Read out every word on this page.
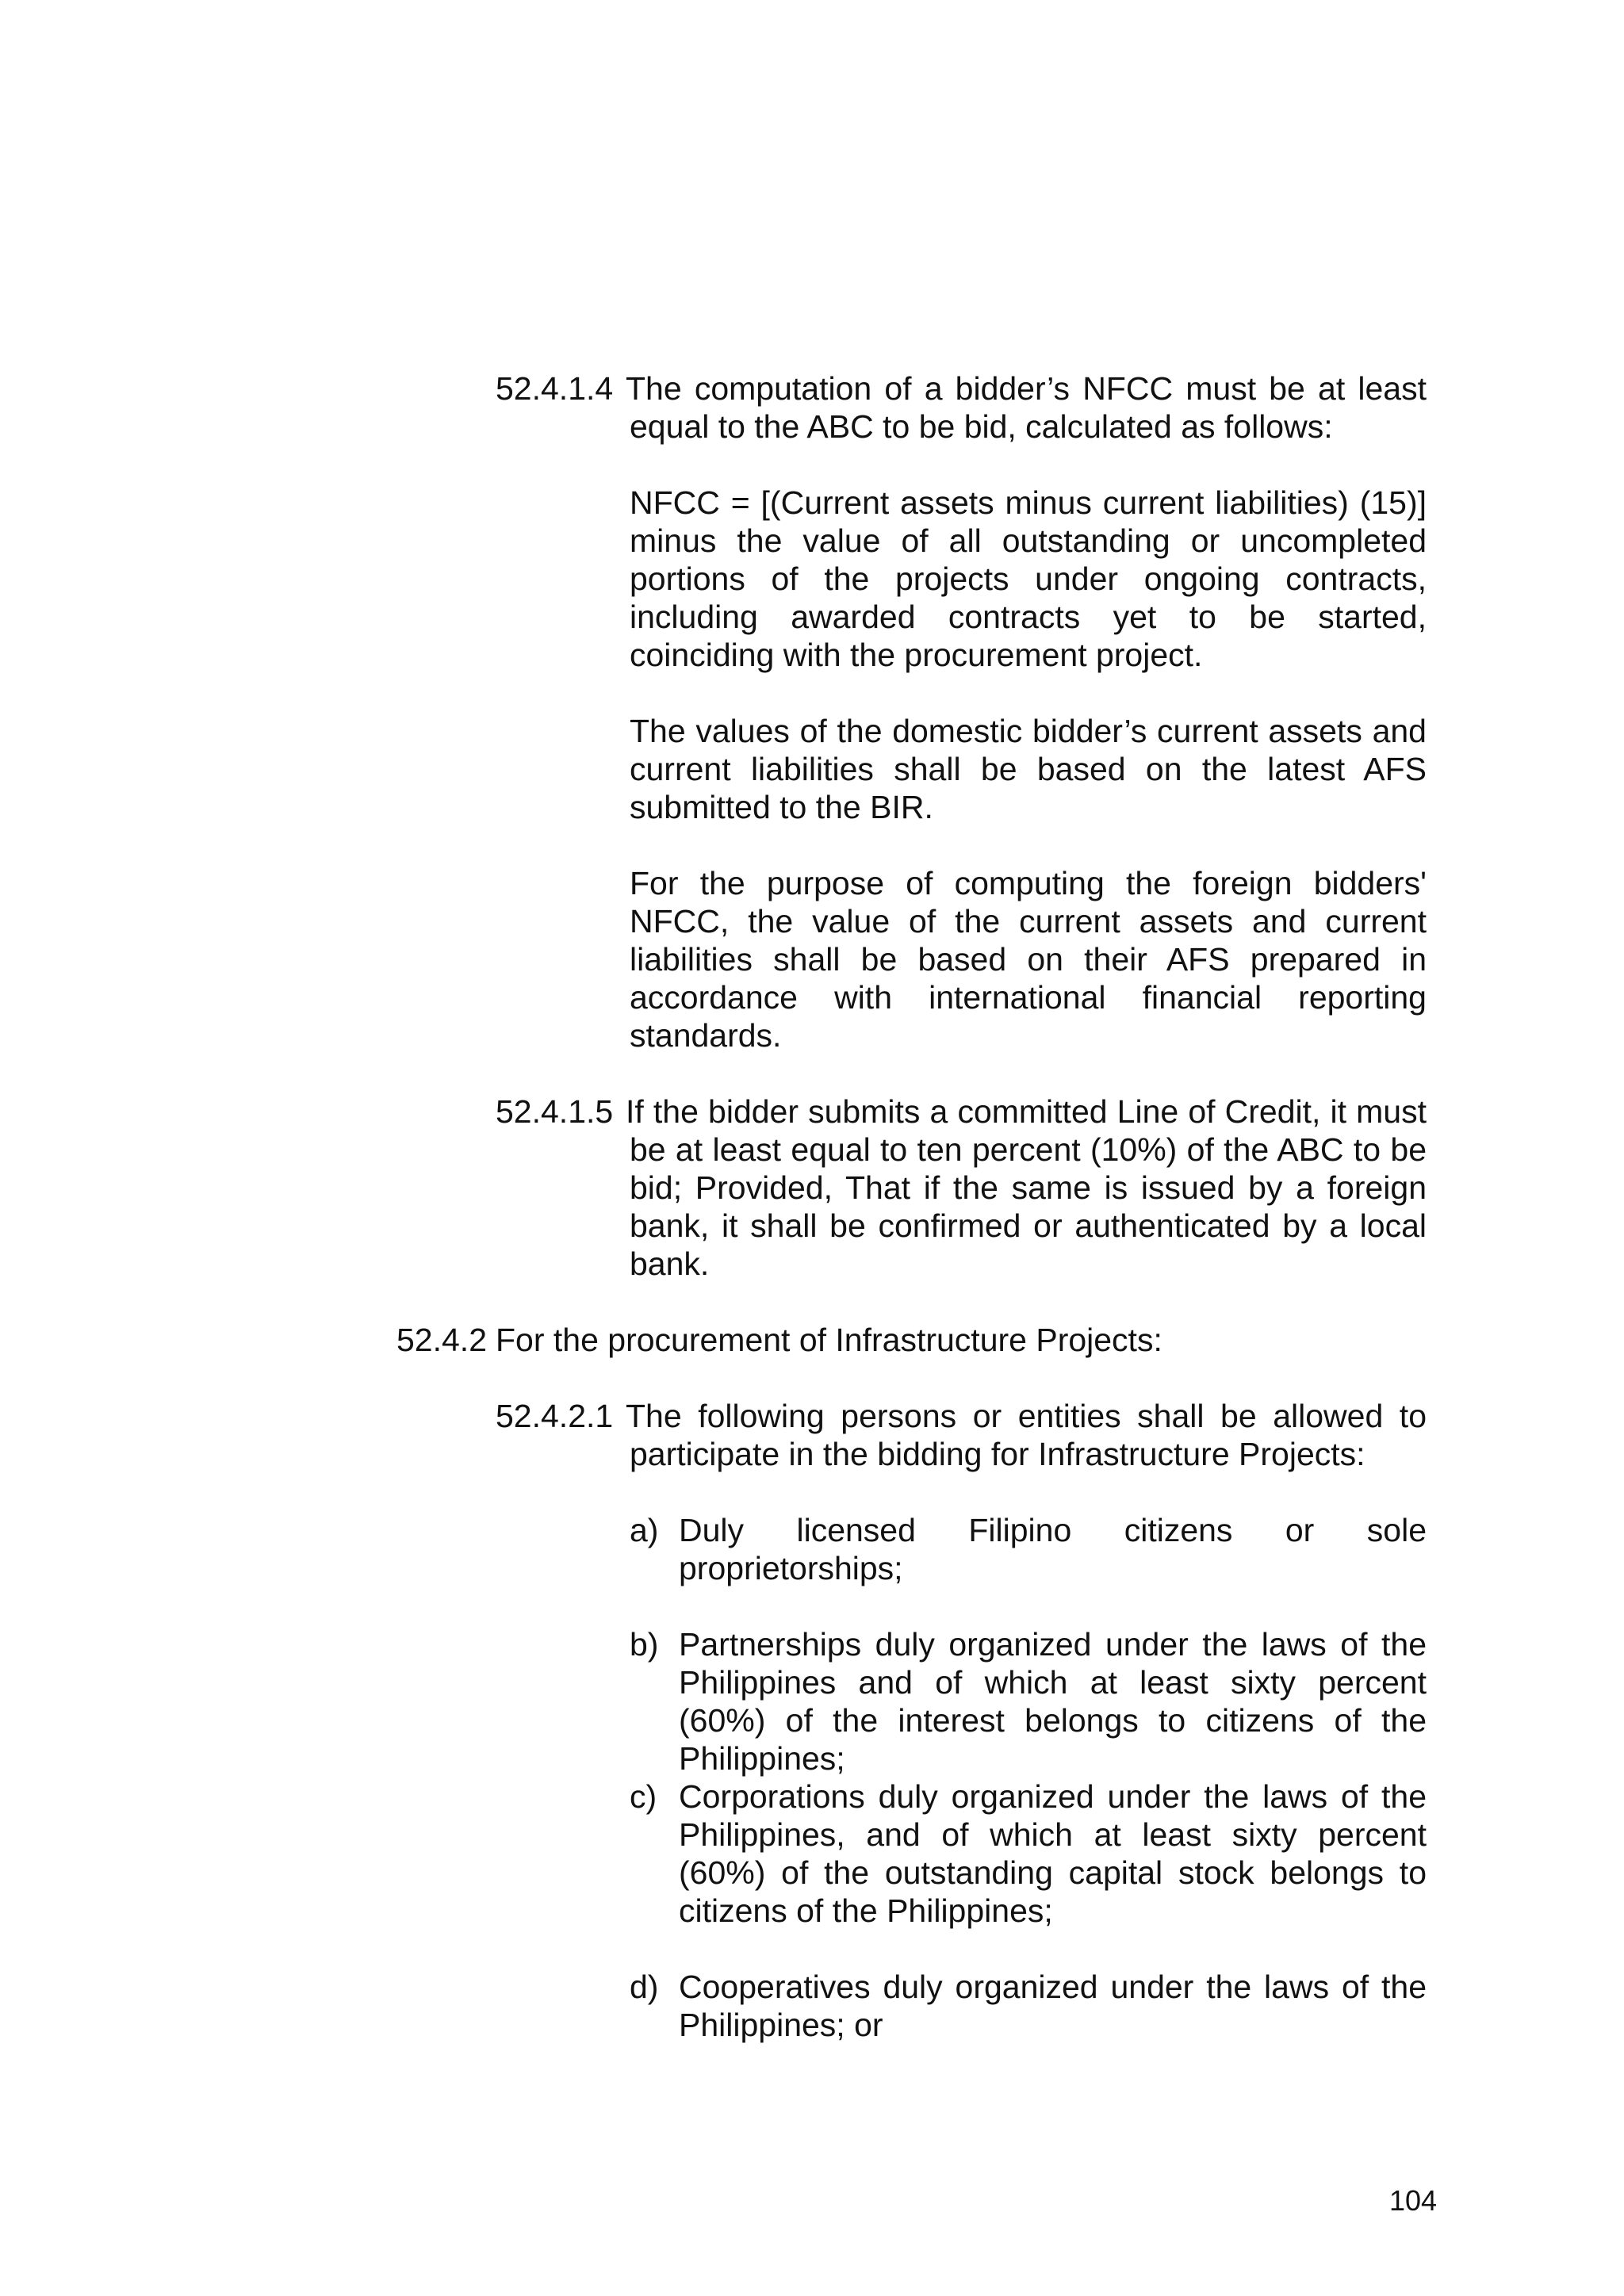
52.4.1.4 The computation of a bidder’s NFCC must be at least
equal to the ABC to be bid, calculated as follows:
NFCC = [(Current assets minus current liabilities) (15)] minus the value of all outstanding or uncompleted portions of the projects under ongoing contracts, including awarded contracts yet to be started, coinciding with the procurement project.
The values of the domestic bidder’s current assets and current liabilities shall be based on the latest AFS submitted to the BIR.
For the purpose of computing the foreign bidders' NFCC, the value of the current assets and current liabilities shall be based on their AFS prepared in accordance with international financial reporting standards.
52.4.1.5 If the bidder submits a committed Line of Credit, it must
be at least equal to ten percent (10%) of the ABC to be bid; Provided, That if the same is issued by a foreign bank, it shall be confirmed or authenticated by a local bank.
52.4.2 For the procurement of Infrastructure Projects:
52.4.2.1 The following persons or entities shall be allowed to
participate in the bidding for Infrastructure Projects:
a) Duly licensed Filipino citizens or sole proprietorships;
b) Partnerships duly organized under the laws of the Philippines and of which at least sixty percent (60%) of the interest belongs to citizens of the Philippines;
c) Corporations duly organized under the laws of the Philippines, and of which at least sixty percent (60%) of the outstanding capital stock belongs to citizens of the Philippines;
d) Cooperatives duly organized under the laws of the Philippines; or
104
